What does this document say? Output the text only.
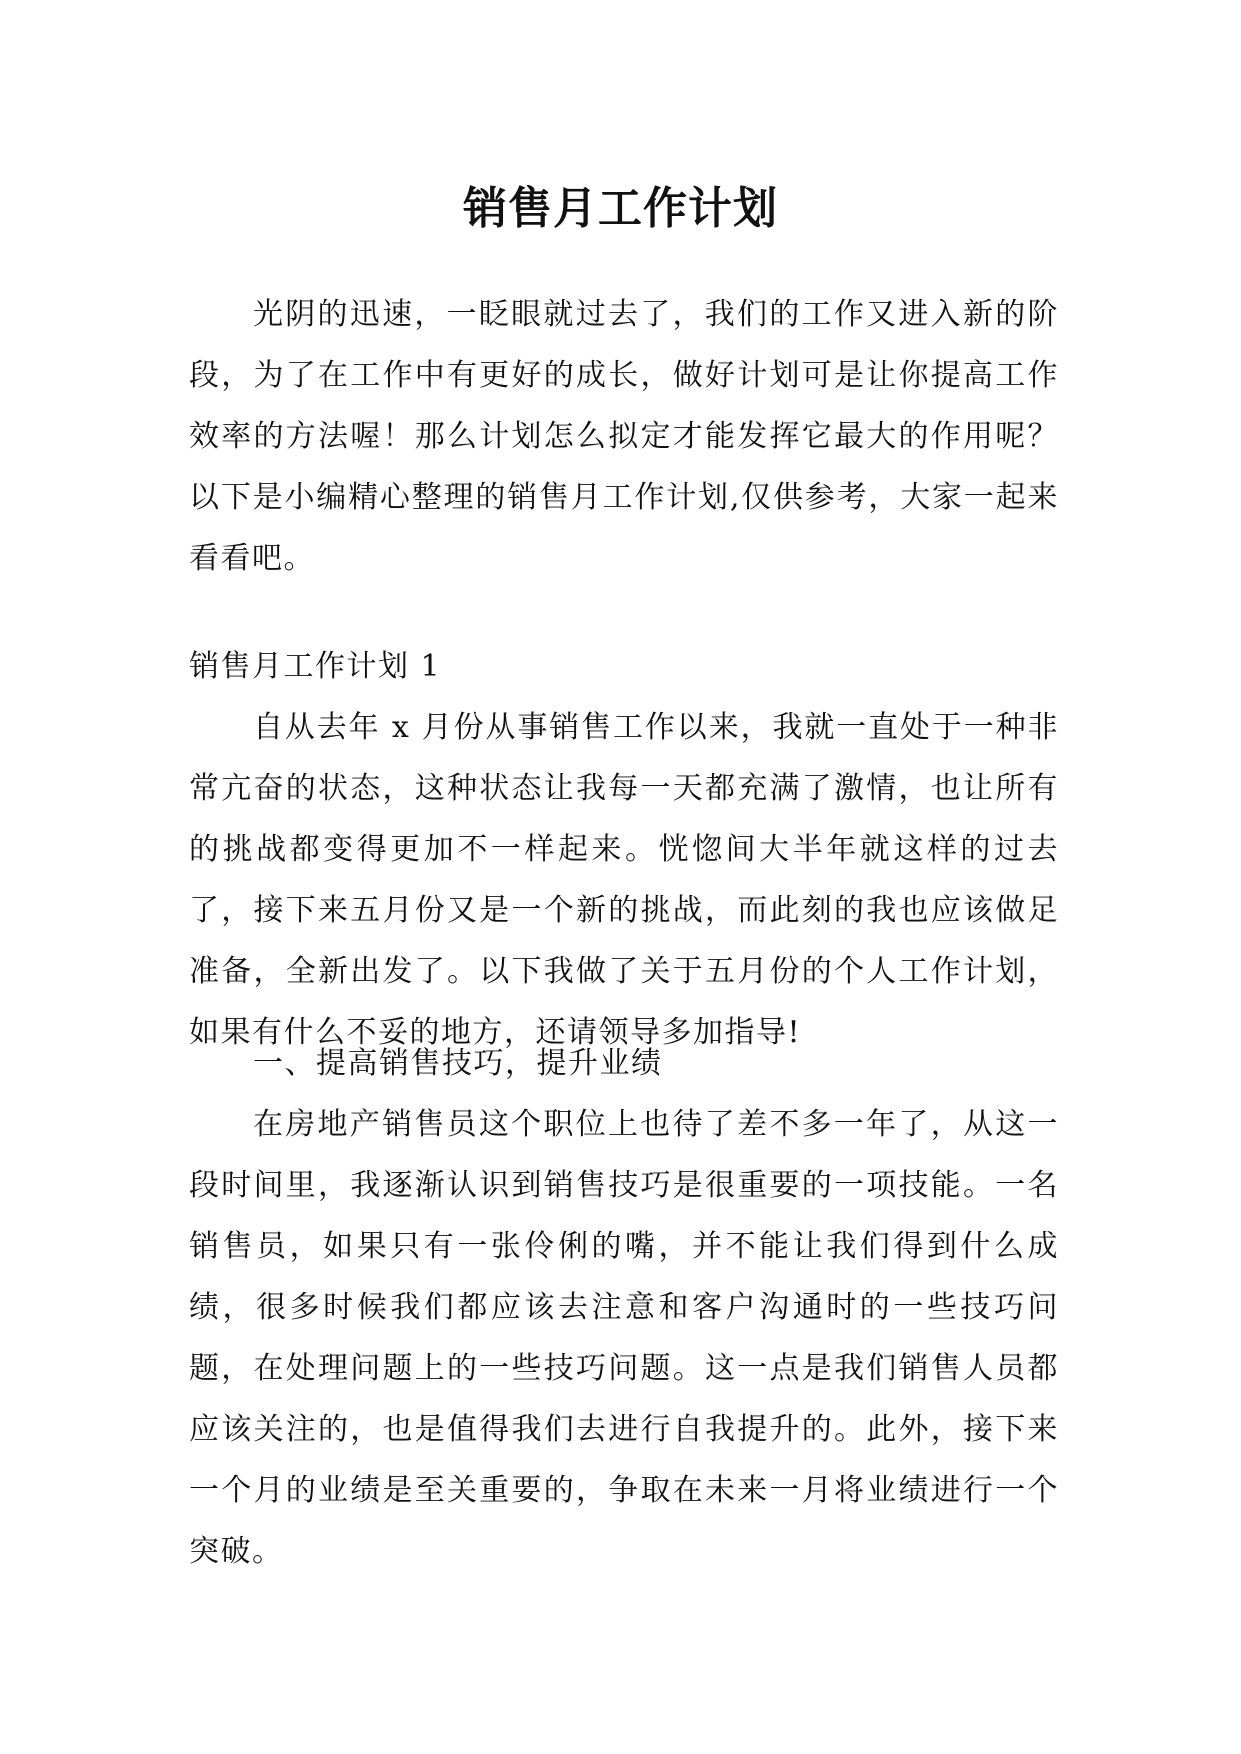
销售月工作计划

光阴的迅速，一眨眼就过去了，我们的工作又进入新的阶段，为了在工作中有更好的成长，做好计划可是让你提高工作效率的方法喔！那么计划怎么拟定才能发挥它最大的作用呢？以下是小编精心整理的销售月工作计划,仅供参考，大家一起来看看吧。

销售月工作计划 1

自从去年 x 月份从事销售工作以来，我就一直处于一种非常亢奋的状态，这种状态让我每一天都充满了激情，也让所有的挑战都变得更加不一样起来。恍惚间大半年就这样的过去了，接下来五月份又是一个新的挑战，而此刻的我也应该做足准备，全新出发了。以下我做了关于五月份的个人工作计划，如果有什么不妥的地方，还请领导多加指导!

一、提高销售技巧，提升业绩

在房地产销售员这个职位上也待了差不多一年了，从这一段时间里，我逐渐认识到销售技巧是很重要的一项技能。一名销售员，如果只有一张伶俐的嘴，并不能让我们得到什么成绩，很多时候我们都应该去注意和客户沟通时的一些技巧问题，在处理问题上的一些技巧问题。这一点是我们销售人员都应该关注的，也是值得我们去进行自我提升的。此外，接下来一个月的业绩是至关重要的，争取在未来一月将业绩进行一个突破。
